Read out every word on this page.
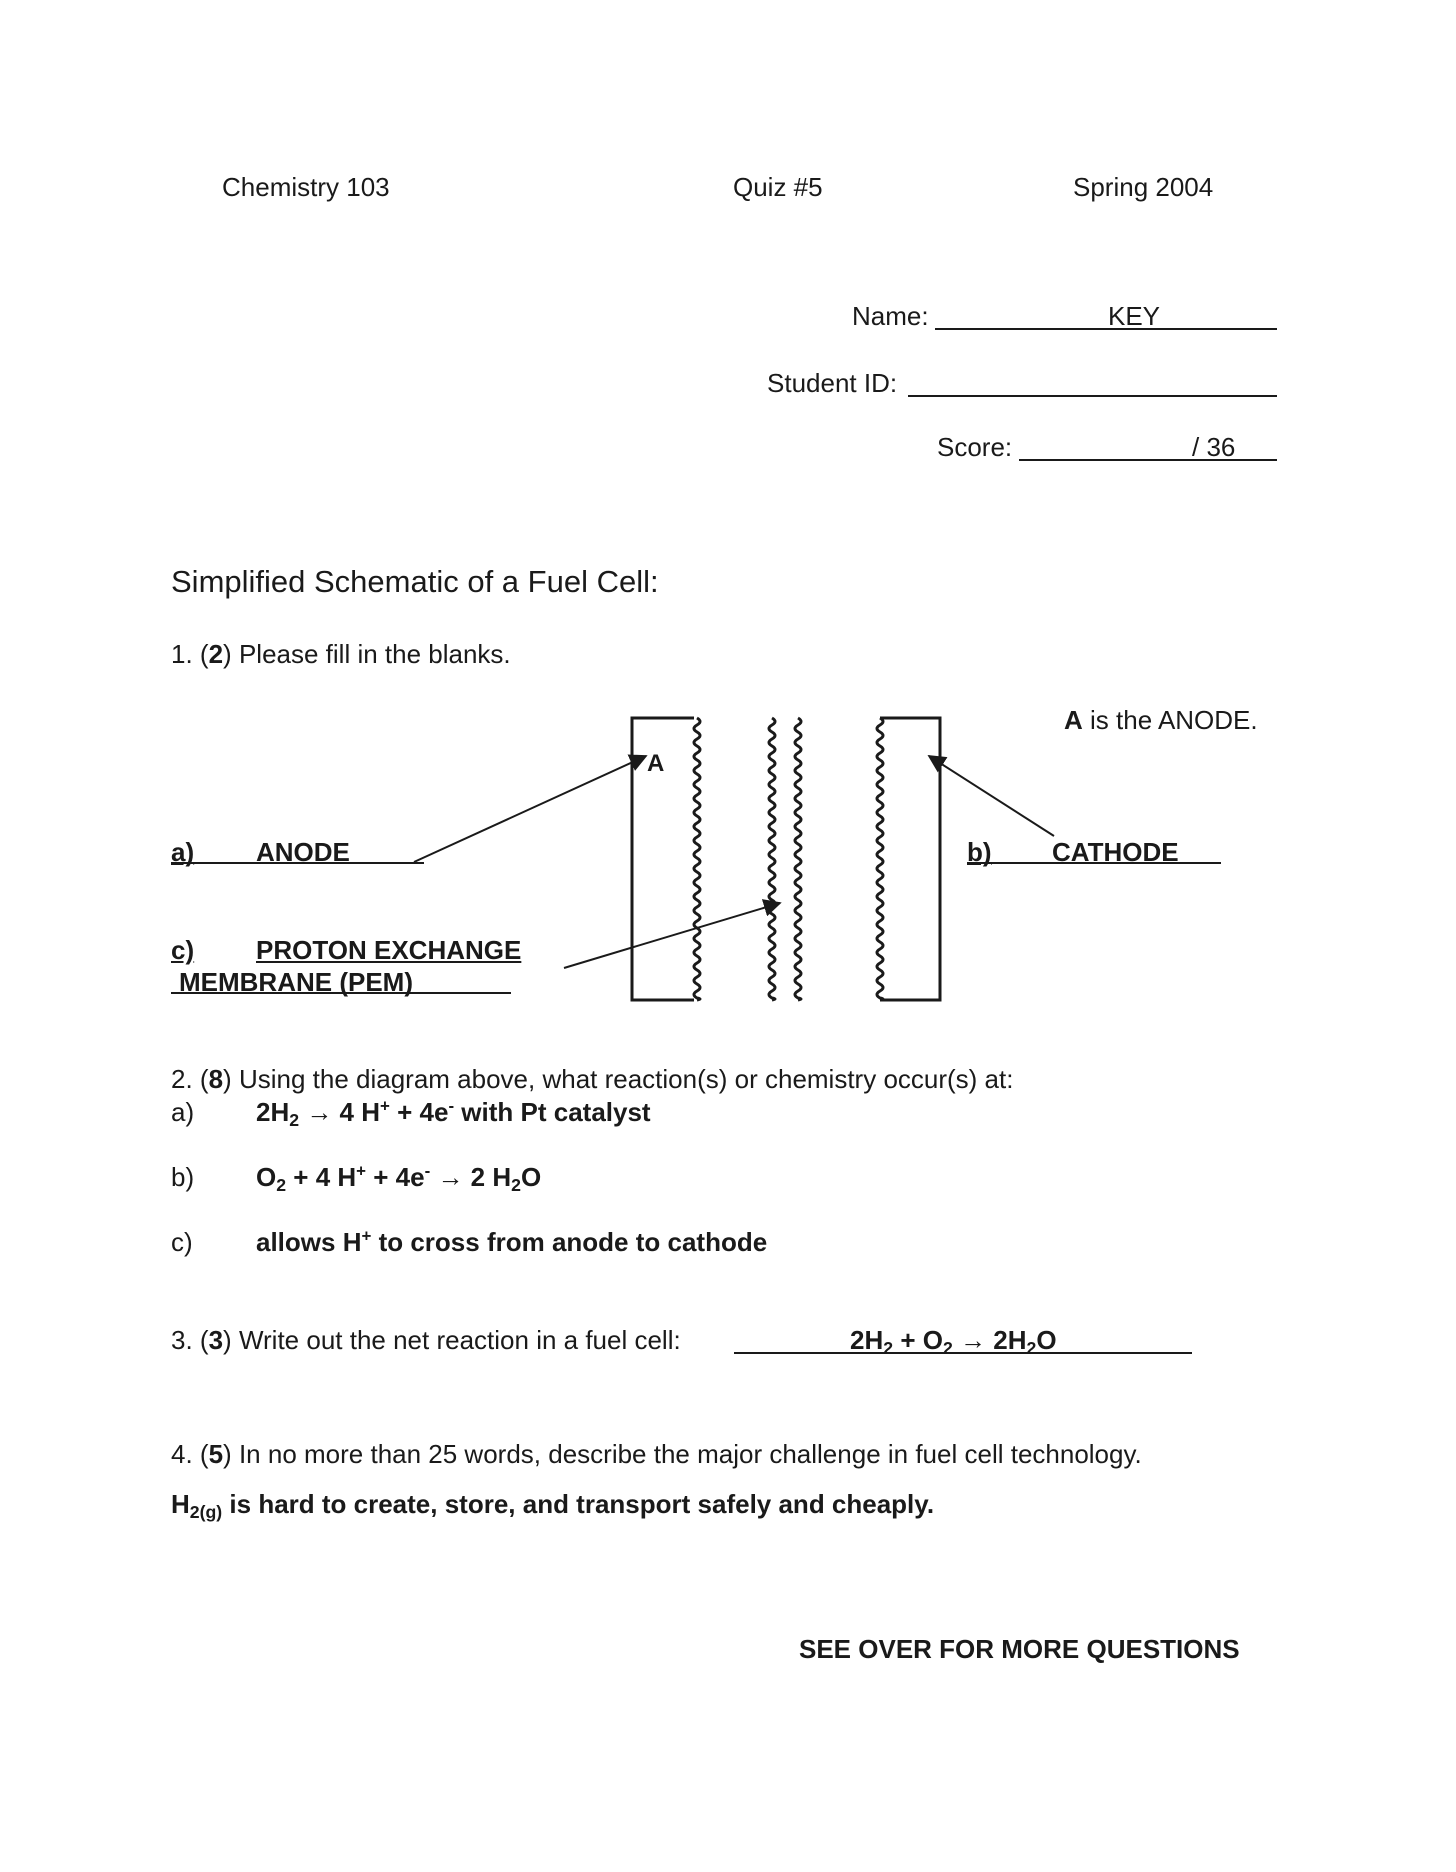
Chemistry 103	Quiz #5	Spring 2004
Name:	KEY
Student ID:
Score:	/ 36
Simplified Schematic of a Fuel Cell:
1. (2) Please fill in the blanks.
A is the ANODE.
A
a) ANODE	b) CATHODE
c) PROTON EXCHANGE
MEMBRANE (PEM)
2. (8) Using the diagram above, what reaction(s) or chemistry occur(s) at:
a) $2H_2 \to 4$ H+ + 4e- with Pt catalyst
b) $O_2 + 4$ H+ + 4e- → 2 $H_2O$
c) allows H+ to cross from anode to cathode
3. (3) Write out the net reaction in a fuel cell:	$2H_2 + O_2 \to 2H_2O$
4. (5) In no more than 25 words, describe the major challenge in fuel cell technology.
$H_{2(g)}$ is hard to create, store, and transport safely and cheaply.
SEE OVER FOR MORE QUESTIONS
